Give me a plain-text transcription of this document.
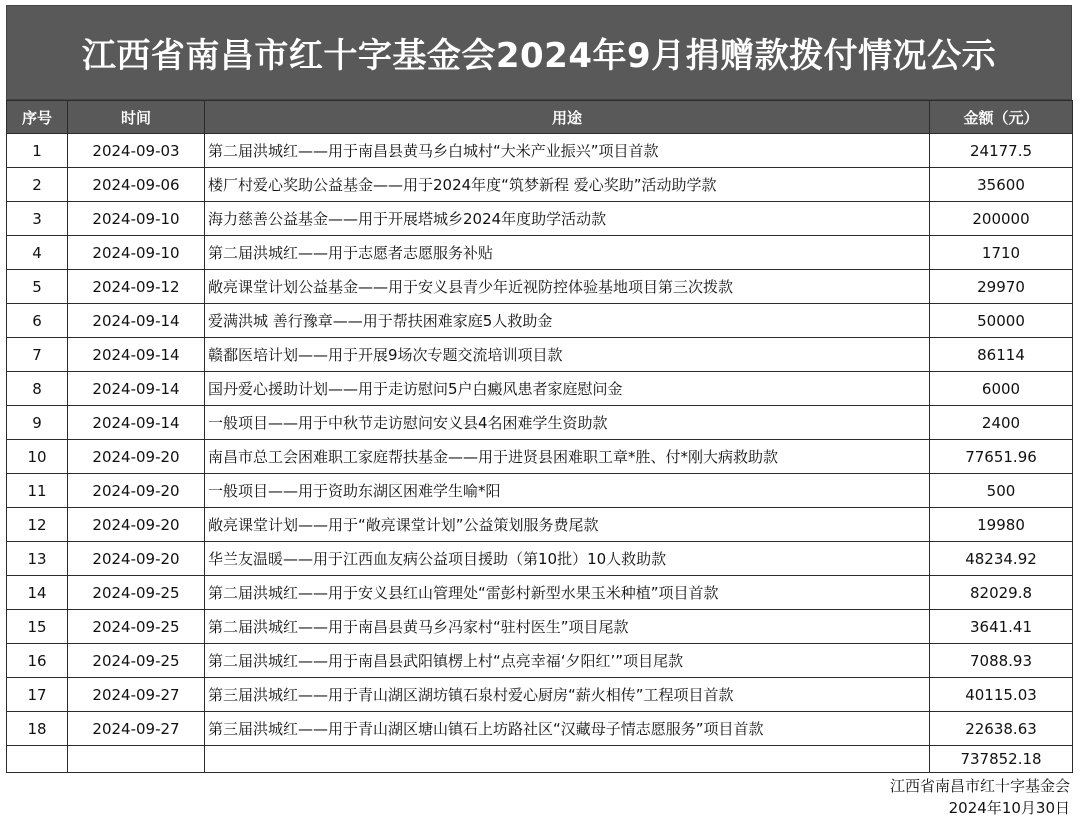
江西省南昌市红十字基金会2024年9月捐赠款拨付情况公示
序号	时间	用途	金额（元）
1	2024-09-03	第二届洪城红——用于南昌县黄马乡白城村“大米产业振兴”项目首款	24177.5
2	2024-09-06	楼厂村爱心奖助公益基金——用于2024年度“筑梦新程 爱心奖助”活动助学款	35600
3	2024-09-10	海力慈善公益基金——用于开展塔城乡2024年度助学活动款	200000
4	2024-09-10	第二届洪城红——用于志愿者志愿服务补贴	1710
5	2024-09-12	敞亮课堂计划公益基金——用于安义县青少年近视防控体验基地项目第三次拨款	29970
6	2024-09-14	爱满洪城 善行豫章——用于帮扶困难家庭5人救助金	50000
7	2024-09-14	赣鄱医培计划——用于开展9场次专题交流培训项目款	86114
8	2024-09-14	国丹爱心援助计划——用于走访慰问5户白癜风患者家庭慰问金	6000
9	2024-09-14	一般项目——用于中秋节走访慰问安义县4名困难学生资助款	2400
10	2024-09-20	南昌市总工会困难职工家庭帮扶基金——用于进贤县困难职工章*胜、付*刚大病救助款	77651.96
11	2024-09-20	一般项目——用于资助东湖区困难学生喻*阳	500
12	2024-09-20	敞亮课堂计划——用于“敞亮课堂计划”公益策划服务费尾款	19980
13	2024-09-20	华兰友温暖——用于江西血友病公益项目援助（第10批）10人救助款	48234.92
14	2024-09-25	第二届洪城红——用于安义县红山管理处“雷彭村新型水果玉米种植”项目首款	82029.8
15	2024-09-25	第二届洪城红——用于南昌县黄马乡冯家村“驻村医生”项目尾款	3641.41
16	2024-09-25	第二届洪城红——用于南昌县武阳镇楞上村“点亮幸福‘夕阳红’”项目尾款	7088.93
17	2024-09-27	第三届洪城红——用于青山湖区湖坊镇石泉村爱心厨房“薪火相传”工程项目首款	40115.03
18	2024-09-27	第三届洪城红——用于青山湖区塘山镇石上坊路社区“汉藏母子情志愿服务”项目首款	22638.63
			737852.18
江西省南昌市红十字基金会
2024年10月30日
